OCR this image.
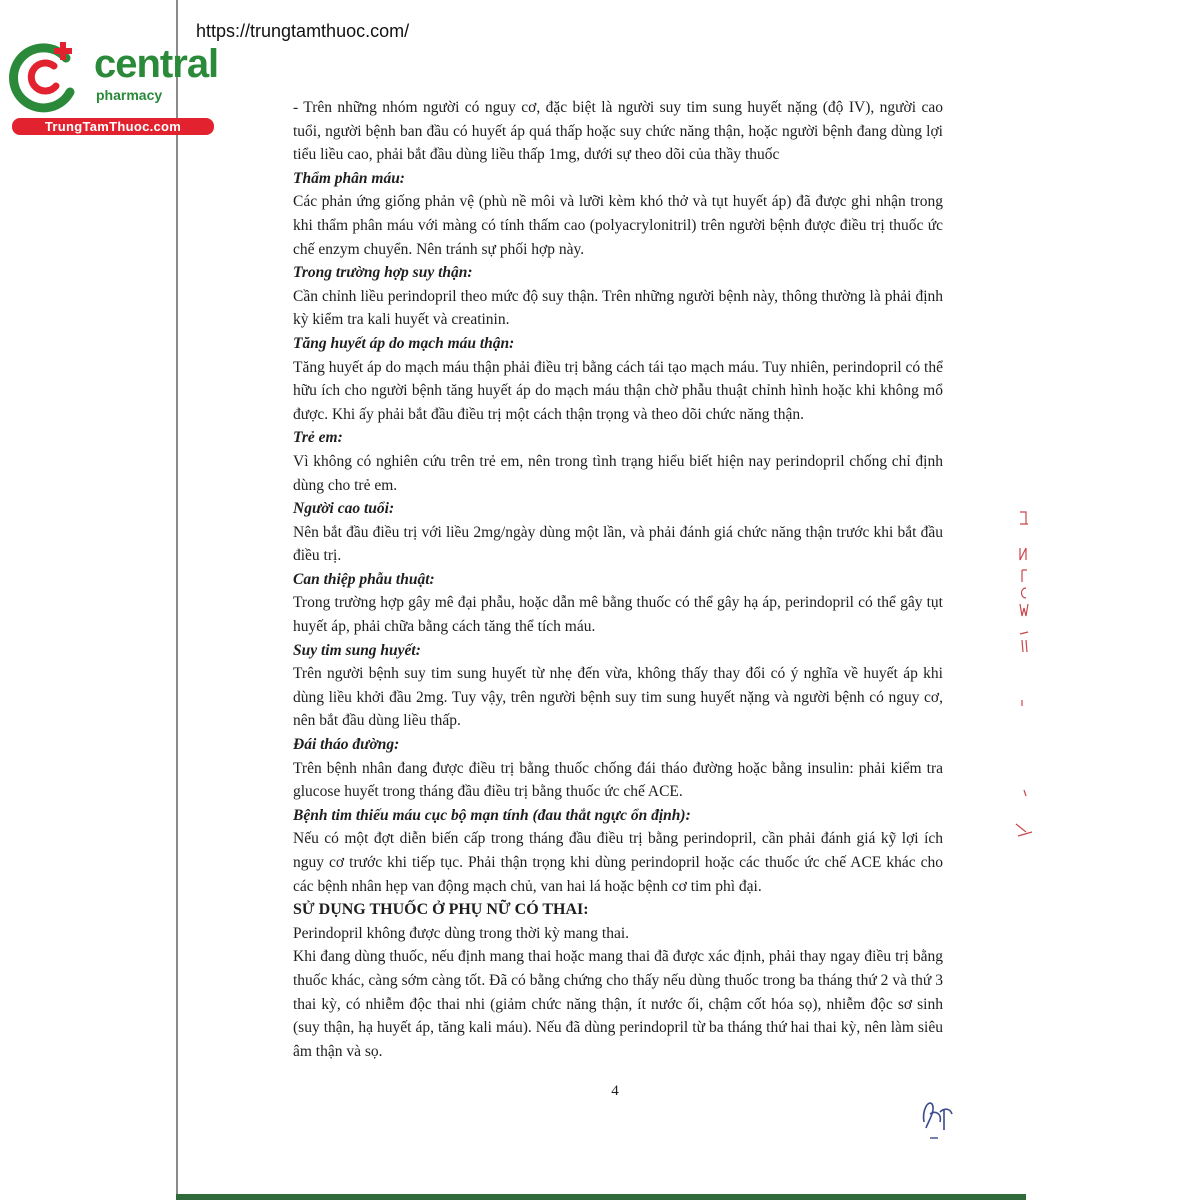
https://trungtamthuoc.com/
central
pharmacy
TrungTamThuoc.com

- Trên những nhóm người có nguy cơ, đặc biệt là người suy tim sung huyết nặng (độ IV), người cao tuổi, người bệnh ban đầu có huyết áp quá thấp hoặc suy chức năng thận, hoặc người bệnh đang dùng lợi tiểu liều cao, phải bắt đầu dùng liều thấp 1mg, dưới sự theo dõi của thầy thuốc

Thẩm phân máu:

Các phản ứng giống phản vệ (phù nề môi và lưỡi kèm khó thở và tụt huyết áp) đã được ghi nhận trong khi thẩm phân máu với màng có tính thấm cao (polyacrylonitril) trên người bệnh được điều trị thuốc ức chế enzym chuyển. Nên tránh sự phối hợp này.

Trong trường hợp suy thận:

Cần chỉnh liều perindopril theo mức độ suy thận. Trên những người bệnh này, thông thường là phải định kỳ kiểm tra kali huyết và creatinin.

Tăng huyết áp do mạch máu thận:

Tăng huyết áp do mạch máu thận phải điều trị bằng cách tái tạo mạch máu. Tuy nhiên, perindopril có thể hữu ích cho người bệnh tăng huyết áp do mạch máu thận chờ phẫu thuật chỉnh hình hoặc khi không mổ được. Khi ấy phải bắt đầu điều trị một cách thận trọng và theo dõi chức năng thận.

Trẻ em:

Vì không có nghiên cứu trên trẻ em, nên trong tình trạng hiểu biết hiện nay perindopril chống chỉ định dùng cho trẻ em.

Người cao tuổi:

Nên bắt đầu điều trị với liều 2mg/ngày dùng một lần, và phải đánh giá chức năng thận trước khi bắt đầu điều trị.

Can thiệp phẫu thuật:

Trong trường hợp gây mê đại phẫu, hoặc dẫn mê bằng thuốc có thể gây hạ áp, perindopril có thể gây tụt huyết áp, phải chữa bằng cách tăng thể tích máu.

Suy tim sung huyết:

Trên người bệnh suy tim sung huyết từ nhẹ đến vừa, không thấy thay đổi có ý nghĩa về huyết áp khi dùng liều khởi đầu 2mg. Tuy vậy, trên người bệnh suy tim sung huyết nặng và người bệnh có nguy cơ, nên bắt đầu dùng liều thấp.

Đái tháo đường:

Trên bệnh nhân đang được điều trị bằng thuốc chống đái tháo đường hoặc bằng insulin: phải kiểm tra glucose huyết trong tháng đầu điều trị bằng thuốc ức chế ACE.

Bệnh tim thiếu máu cục bộ mạn tính (đau thắt ngực ổn định):

Nếu có một đợt diễn biến cấp trong tháng đầu điều trị bằng perindopril, cần phải đánh giá kỹ lợi ích nguy cơ trước khi tiếp tục. Phải thận trọng khi dùng perindopril hoặc các thuốc ức chế ACE khác cho các bệnh nhân hẹp van động mạch chủ, van hai lá hoặc bệnh cơ tim phì đại.

SỬ DỤNG THUỐC Ở PHỤ NỮ CÓ THAI:

Perindopril không được dùng trong thời kỳ mang thai.

Khi đang dùng thuốc, nếu định mang thai hoặc mang thai đã được xác định, phải thay ngay điều trị bằng thuốc khác, càng sớm càng tốt. Đã có bằng chứng cho thấy nếu dùng thuốc trong ba tháng thứ 2 và thứ 3 thai kỳ, có nhiễm độc thai nhi (giảm chức năng thận, ít nước ối, chậm cốt hóa sọ), nhiễm độc sơ sinh (suy thận, hạ huyết áp, tăng kali máu). Nếu đã dùng perindopril từ ba tháng thứ hai thai kỳ, nên làm siêu âm thận và sọ.

4
